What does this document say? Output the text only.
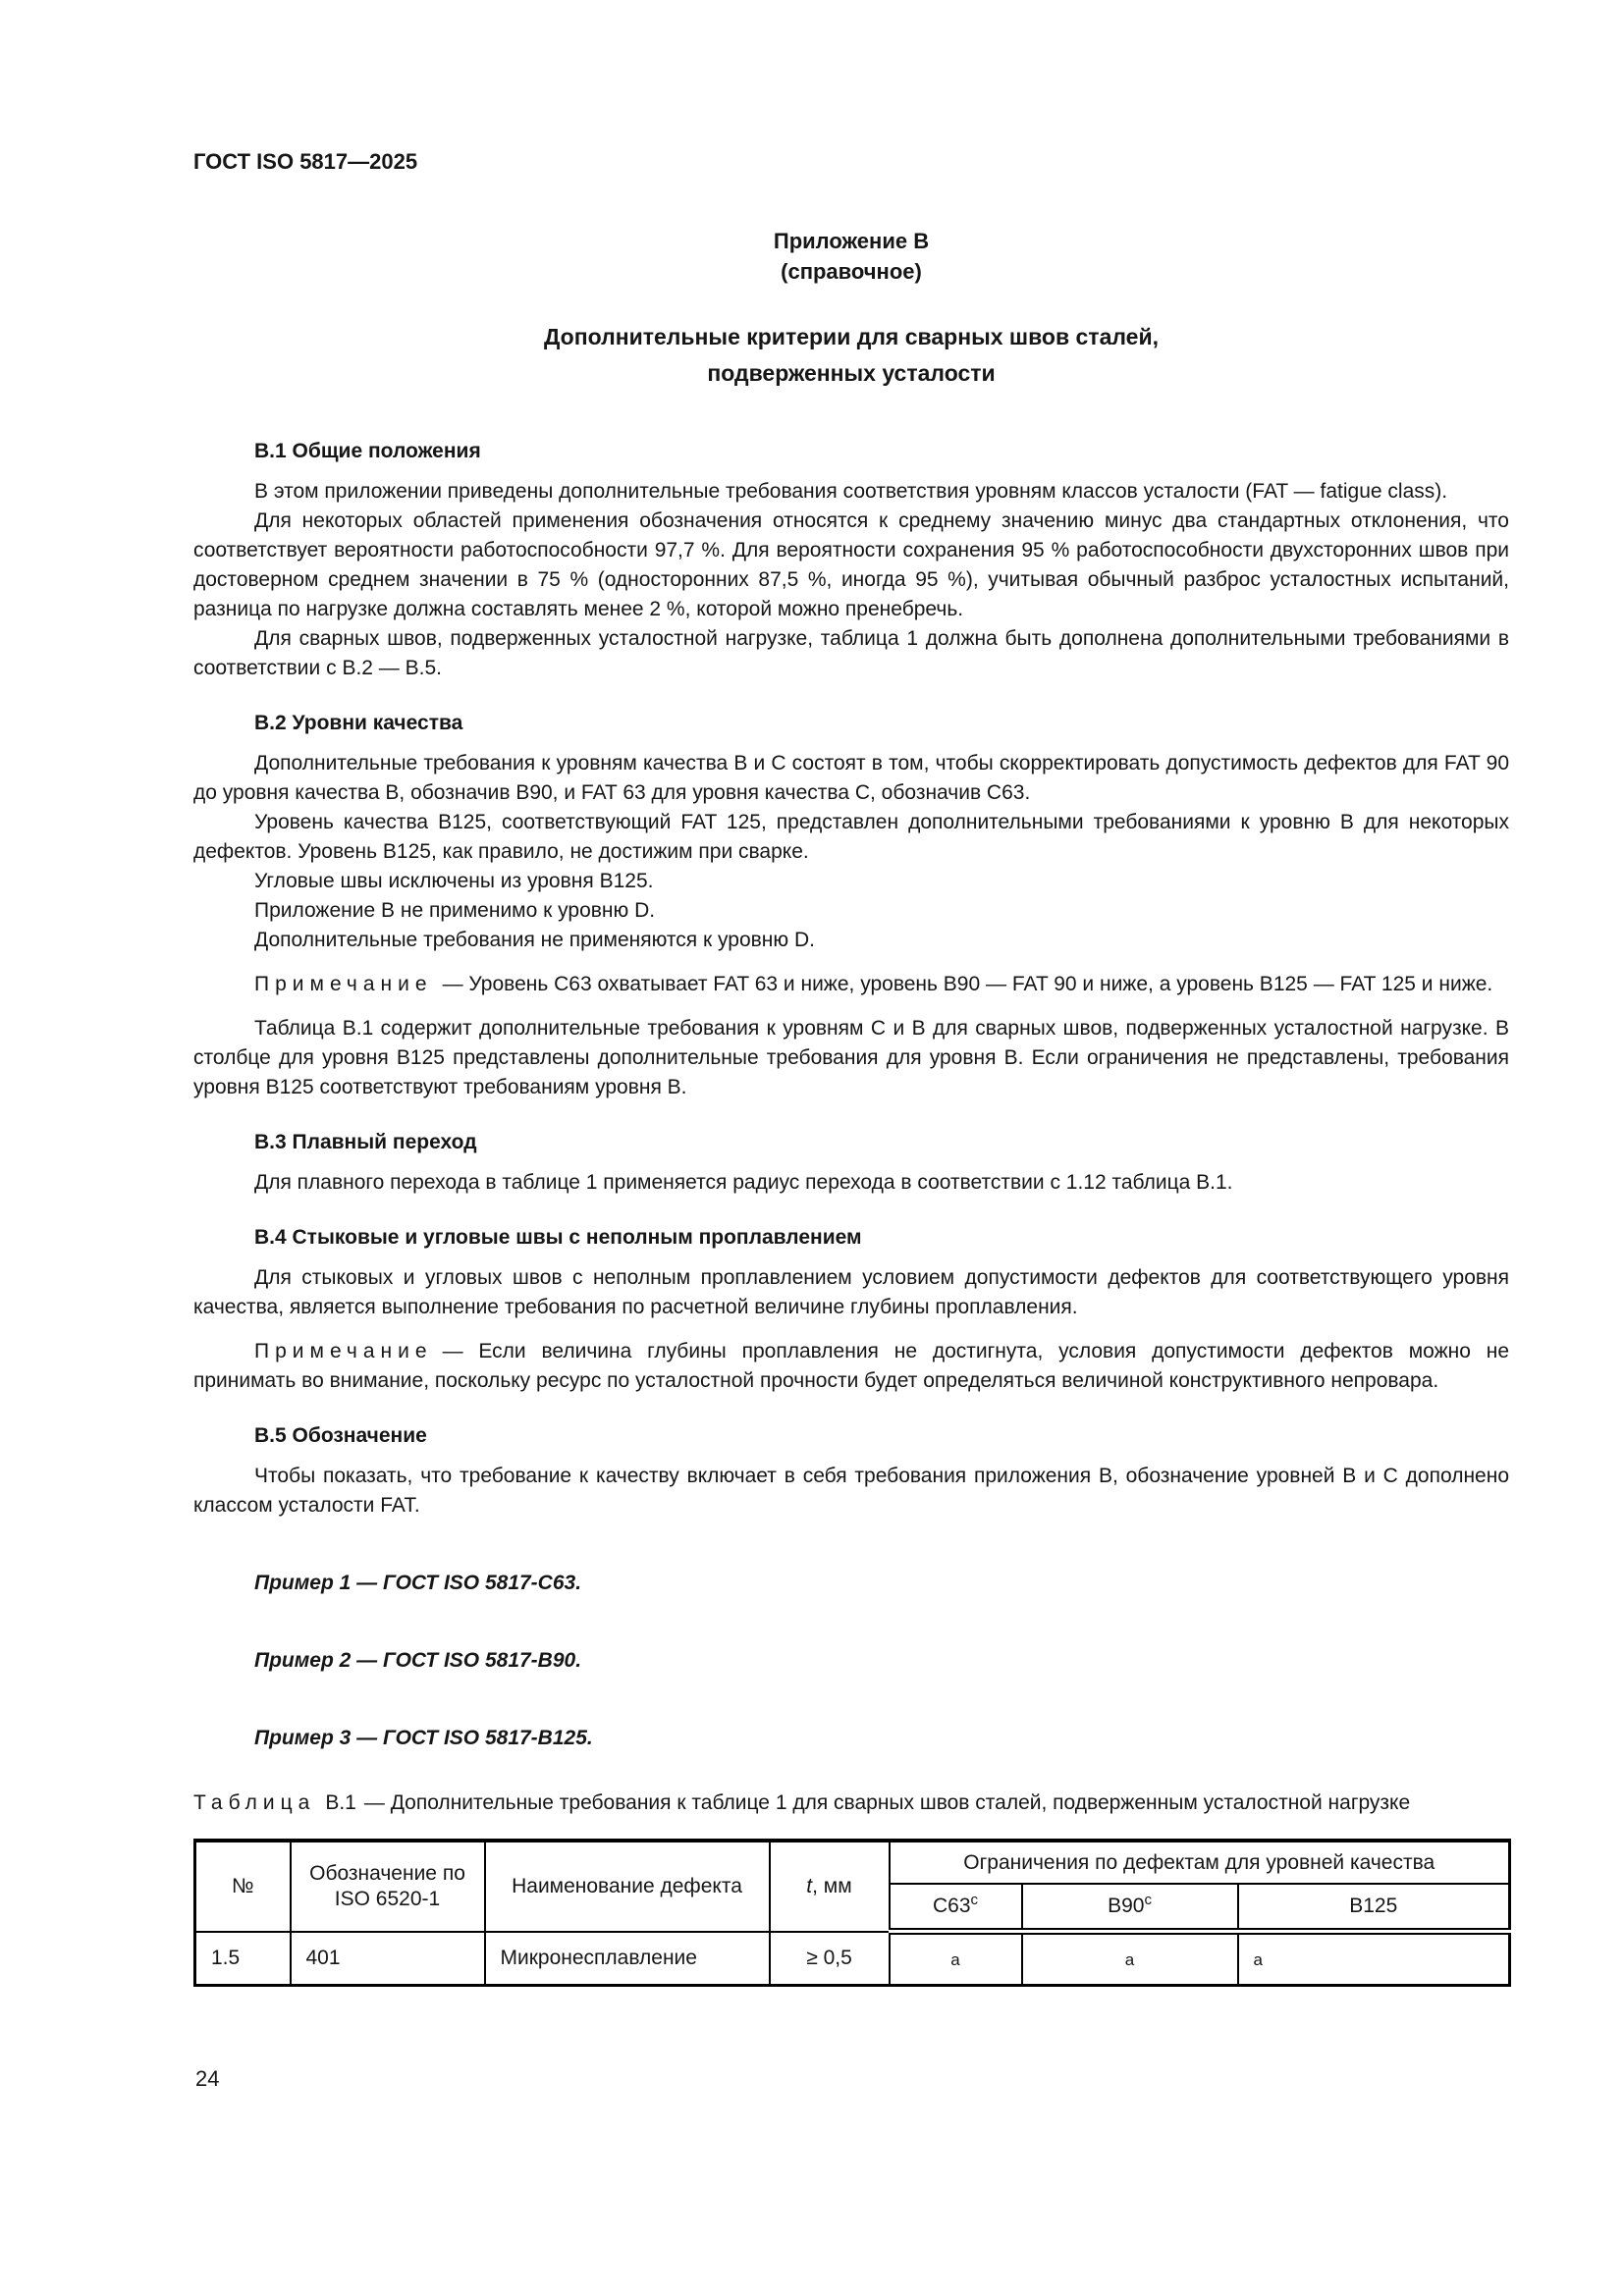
ГОСТ ISO 5817—2025
Приложение В
(справочное)
Дополнительные критерии для сварных швов сталей,
подверженных усталости
В.1 Общие положения

В этом приложении приведены дополнительные требования соответствия уровням классов усталости (FAT — fatigue class).

Для некоторых областей применения обозначения относятся к среднему значению минус два стандартных отклонения, что соответствует вероятности работоспособности 97,7 %. Для вероятности сохранения 95 % работоспособности двухсторонних швов при достоверном среднем значении в 75 % (односторонних 87,5 %, иногда 95 %), учитывая обычный разброс усталостных испытаний, разница по нагрузке должна составлять менее 2 %, которой можно пренебречь.

Для сварных швов, подверженных усталостной нагрузке, таблица 1 должна быть дополнена дополнительными требованиями в соответствии с В.2 — В.5.

В.2 Уровни качества

Дополнительные требования к уровням качества В и С состоят в том, чтобы скорректировать допустимость дефектов для FAT 90 до уровня качества В, обозначив В90, и FAT 63 для уровня качества С, обозначив С63.

Уровень качества В125, соответствующий FAT 125, представлен дополнительными требованиями к уровню В для некоторых дефектов. Уровень В125, как правило, не достижим при сварке.

Угловые швы исключены из уровня В125.

Приложение В не применимо к уровню D.

Дополнительные требования не применяются к уровню D.

Примечание — Уровень С63 охватывает FAT 63 и ниже, уровень В90 — FAT 90 и ниже, а уровень В125 — FAT 125 и ниже.

Таблица В.1 содержит дополнительные требования к уровням С и В для сварных швов, подверженных усталостной нагрузке. В столбце для уровня В125 представлены дополнительные требования для уровня В. Если ограничения не представлены, требования уровня В125 соответствуют требованиям уровня В.

В.3 Плавный переход

Для плавного перехода в таблице 1 применяется радиус перехода в соответствии с 1.12 таблица В.1.

В.4 Стыковые и угловые швы с неполным проплавлением

Для стыковых и угловых швов с неполным проплавлением условием допустимости дефектов для соответствующего уровня качества, является выполнение требования по расчетной величине глубины проплавления.

Примечание — Если величина глубины проплавления не достигнута, условия допустимости дефектов можно не принимать во внимание, поскольку ресурс по усталостной прочности будет определяться величиной конструктивного непровара.

В.5 Обозначение

Чтобы показать, что требование к качеству включает в себя требования приложения В, обозначение уровней В и С дополнено классом усталости FAT.

Пример 1 — ГОСТ ISO 5817-С63.
Пример 2 — ГОСТ ISO 5817-В90.
Пример 3 — ГОСТ ISO 5817-В125.

Таблица В.1 — Дополнительные требования к таблице 1 для сварных швов сталей, подверженным усталостной нагрузке

№	Обозначение по ISO 6520-1	Наименование дефекта	t, мм	Ограничения по дефектам для уровней качества		
				С63$^с$	В90$^с$	В125
1.5	401	Микронесплавление	≥ 0,5	а	а	а
24
